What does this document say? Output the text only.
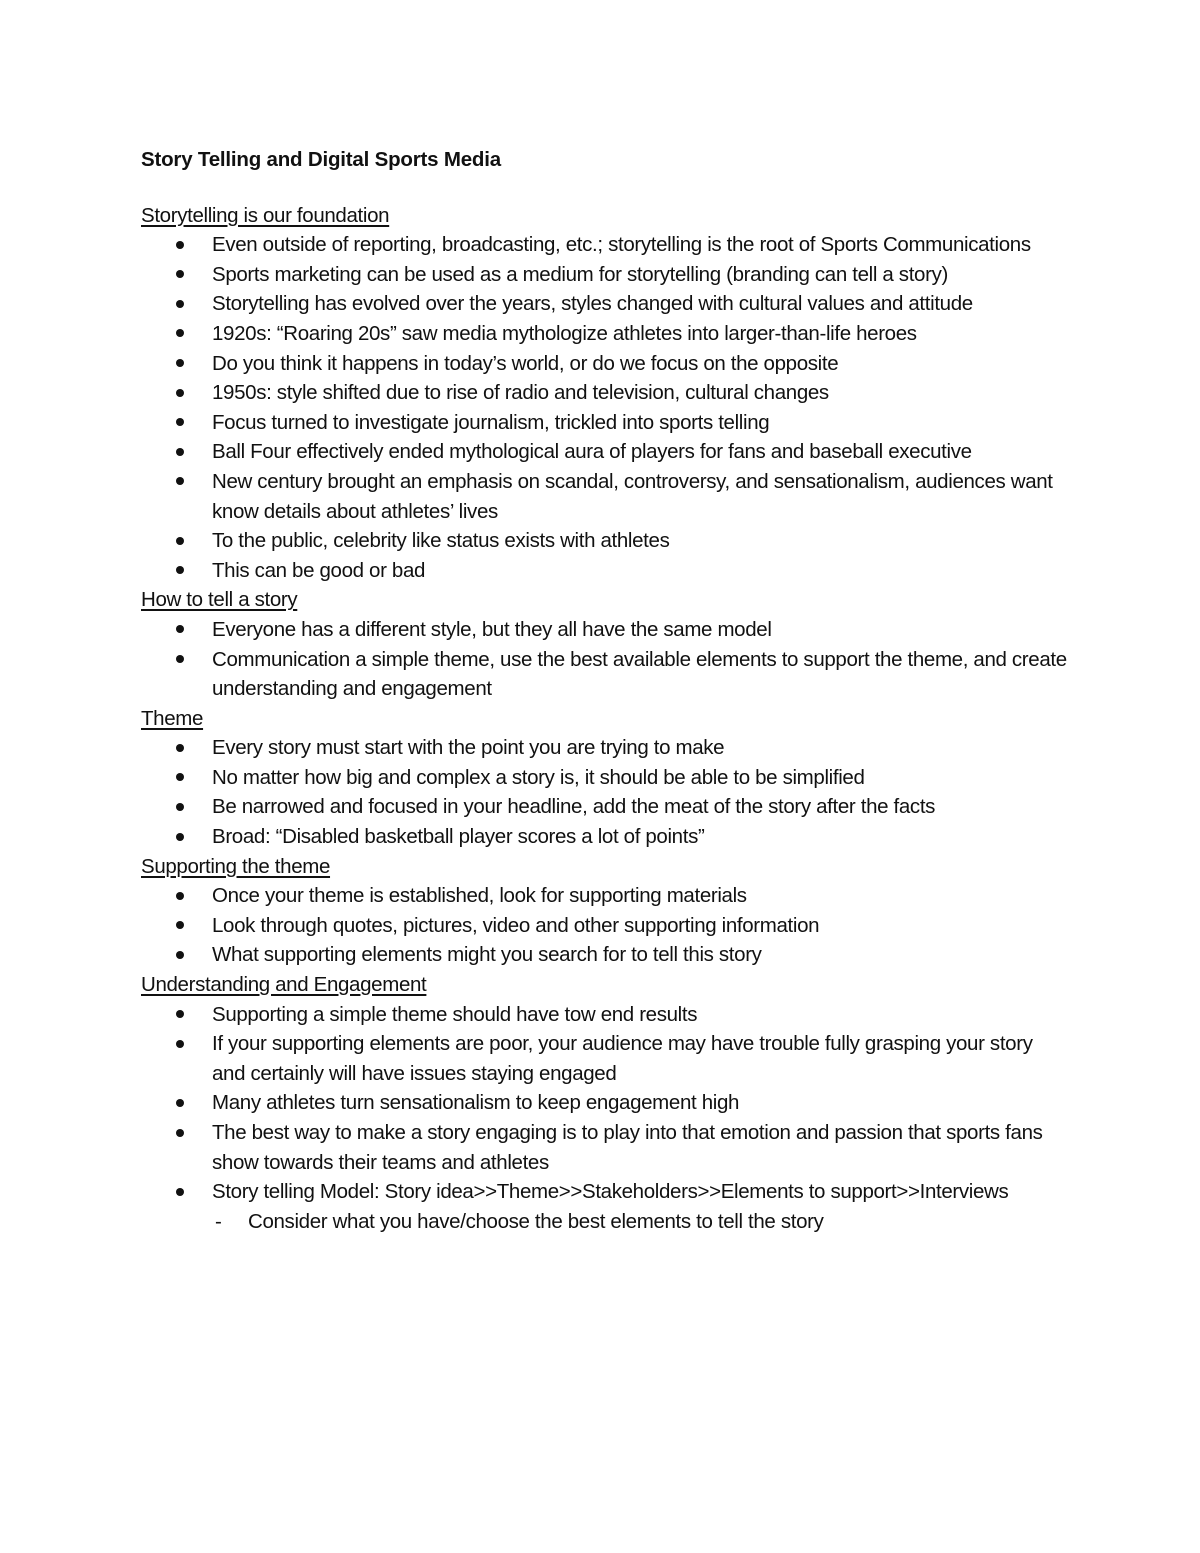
Story Telling and Digital Sports Media
Storytelling is our foundation
Even outside of reporting, broadcasting, etc.; storytelling is the root of Sports Communications
Sports marketing can be used as a medium for storytelling (branding can tell a story)
Storytelling has evolved over the years, styles changed with cultural values and attitude
1920s: “Roaring 20s” saw media mythologize athletes into larger-than-life heroes
Do you think it happens in today’s world, or do we focus on the opposite
1950s: style shifted due to rise of radio and television, cultural changes
Focus turned to investigate journalism, trickled into sports telling
Ball Four effectively ended mythological aura of players for fans and baseball executive
New century brought an emphasis on scandal, controversy, and sensationalism, audiences want know details about athletes’ lives
To the public, celebrity like status exists with athletes
This can be good or bad
How to tell a story
Everyone has a different style, but they all have the same model
Communication a simple theme, use the best available elements to support the theme, and create understanding and engagement
Theme
Every story must start with the point you are trying to make
No matter how big and complex a story is, it should be able to be simplified
Be narrowed and focused in your headline, add the meat of the story after the facts
Broad: “Disabled basketball player scores a lot of points”
Supporting the theme
Once your theme is established, look for supporting materials
Look through quotes, pictures, video and other supporting information
What supporting elements might you search for to tell this story
Understanding and Engagement
Supporting a simple theme should have tow end results
If your supporting elements are poor, your audience may have trouble fully grasping your story and certainly will have issues staying engaged
Many athletes turn sensationalism to keep engagement high
The best way to make a story engaging is to play into that emotion and passion that sports fans show towards their teams and athletes
Story telling Model: Story idea>>Theme>>Stakeholders>>Elements to support>>Interviews
- Consider what you have/choose the best elements to tell the story
